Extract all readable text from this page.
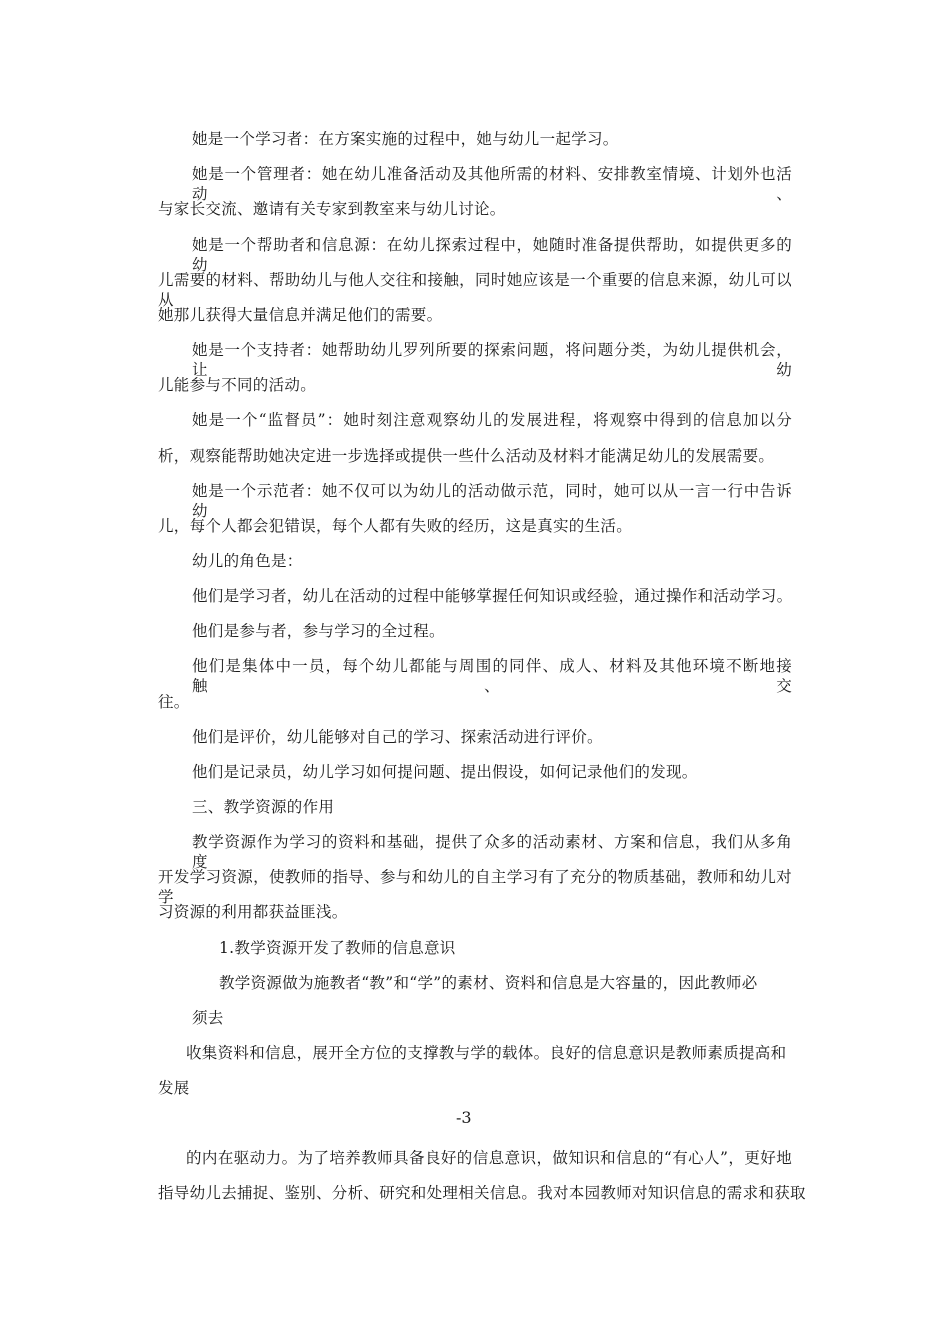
她是一个学习者：在方案实施的过程中，她与幼儿一起学习。
她是一个管理者：她在幼儿准备活动及其他所需的材料、安排教室情境、计划外也活动、
与家长交流、邀请有关专家到教室来与幼儿讨论。
她是一个帮助者和信息源：在幼儿探索过程中，她随时准备提供帮助，如提供更多的幼
儿需要的材料、帮助幼儿与他人交往和接触，同时她应该是一个重要的信息来源，幼儿可以从
她那儿获得大量信息并满足他们的需要。
她是一个支持者：她帮助幼儿罗列所要的探索问题，将问题分类，为幼儿提供机会，让幼
儿能参与不同的活动。
她是一个“监督员”：她时刻注意观察幼儿的发展进程，将观察中得到的信息加以分
析，观察能帮助她决定进一步选择或提供一些什么活动及材料才能满足幼儿的发展需要。
她是一个示范者：她不仅可以为幼儿的活动做示范，同时，她可以从一言一行中告诉幼
儿，每个人都会犯错误，每个人都有失败的经历，这是真实的生活。
幼儿的角色是：
他们是学习者，幼儿在活动的过程中能够掌握任何知识或经验，通过操作和活动学习。
他们是参与者，参与学习的全过程。
他们是集体中一员，每个幼儿都能与周围的同伴、成人、材料及其他环境不断地接触、交
往。
他们是评价，幼儿能够对自己的学习、探索活动进行评价。
他们是记录员，幼儿学习如何提问题、提出假设，如何记录他们的发现。
三、教学资源的作用
教学资源作为学习的资料和基础，提供了众多的活动素材、方案和信息，我们从多角度
开发学习资源，使教师的指导、参与和幼儿的自主学习有了充分的物质基础，教师和幼儿对学
习资源的利用都获益匪浅。
1.教学资源开发了教师的信息意识
教学资源做为施教者“教”和“学”的素材、资料和信息是大容量的，因此教师必
须去
收集资料和信息，展开全方位的支撑教与学的载体。良好的信息意识是教师素质提高和
发展
-3
的内在驱动力。为了培养教师具备良好的信息意识，做知识和信息的“有心人”，更好地
指导幼儿去捕捉、鉴别、分析、研究和处理相关信息。我对本园教师对知识信息的需求和获取
